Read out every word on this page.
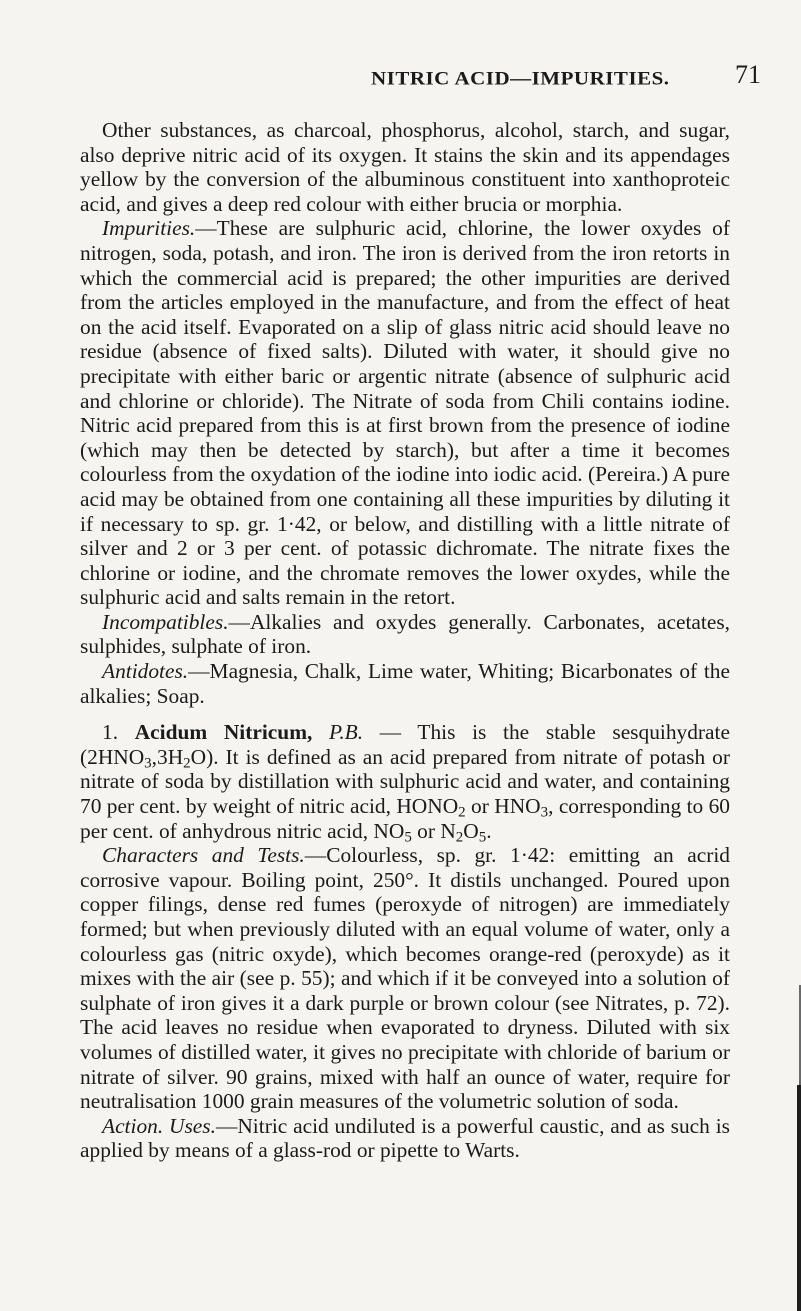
NITRIC ACID—IMPURITIES.	71

Other substances, as charcoal, phosphorus, alcohol, starch, and sugar, also deprive nitric acid of its oxygen. It stains the skin and its appendages yellow by the conversion of the albuminous constituent into xanthoproteic acid, and gives a deep red colour with either brucia or morphia.

Impurities.—These are sulphuric acid, chlorine, the lower oxydes of nitrogen, soda, potash, and iron. The iron is derived from the iron retorts in which the commercial acid is prepared; the other impurities are derived from the articles employed in the manufacture, and from the effect of heat on the acid itself. Evaporated on a slip of glass nitric acid should leave no residue (absence of fixed salts). Diluted with water, it should give no precipitate with either baric or argentic nitrate (absence of sulphuric acid and chlorine or chloride). The Nitrate of soda from Chili contains iodine. Nitric acid prepared from this is at first brown from the presence of iodine (which may then be detected by starch), but after a time it becomes colourless from the oxydation of the iodine into iodic acid. (Pereira.) A pure acid may be obtained from one containing all these impurities by diluting it if necessary to sp. gr. 1·42, or below, and distilling with a little nitrate of silver and 2 or 3 per cent. of potassic dichromate. The nitrate fixes the chlorine or iodine, and the chromate removes the lower oxydes, while the sulphuric acid and salts remain in the retort.

Incompatibles.—Alkalies and oxydes generally. Carbonates, acetates, sulphides, sulphate of iron.

Antidotes.—Magnesia, Chalk, Lime water, Whiting; Bicarbonates of the alkalies; Soap.

1. Acidum Nitricum, P.B. — This is the stable sesquihydrate $(2HNO_3,3H_2O)$. It is defined as an acid prepared from nitrate of potash or nitrate of soda by distillation with sulphuric acid and water, and containing 70 per cent. by weight of nitric acid, $HONO_2$ or $HNO_3$, corresponding to 60 per cent. of anhydrous nitric acid, $NO_5$ or $N_2O_5$.

Characters and Tests.—Colourless, sp. gr. 1·42: emitting an acrid corrosive vapour. Boiling point, 250°. It distils unchanged. Poured upon copper filings, dense red fumes (peroxyde of nitrogen) are immediately formed; but when previously diluted with an equal volume of water, only a colourless gas (nitric oxyde), which becomes orange-red (peroxyde) as it mixes with the air (see p. 55); and which if it be conveyed into a solution of sulphate of iron gives it a dark purple or brown colour (see Nitrates, p. 72). The acid leaves no residue when evaporated to dryness. Diluted with six volumes of distilled water, it gives no precipitate with chloride of barium or nitrate of silver. 90 grains, mixed with half an ounce of water, require for neutralisation 1000 grain measures of the volumetric solution of soda.

Action. Uses.—Nitric acid undiluted is a powerful caustic, and as such is applied by means of a glass-rod or pipette to Warts.
